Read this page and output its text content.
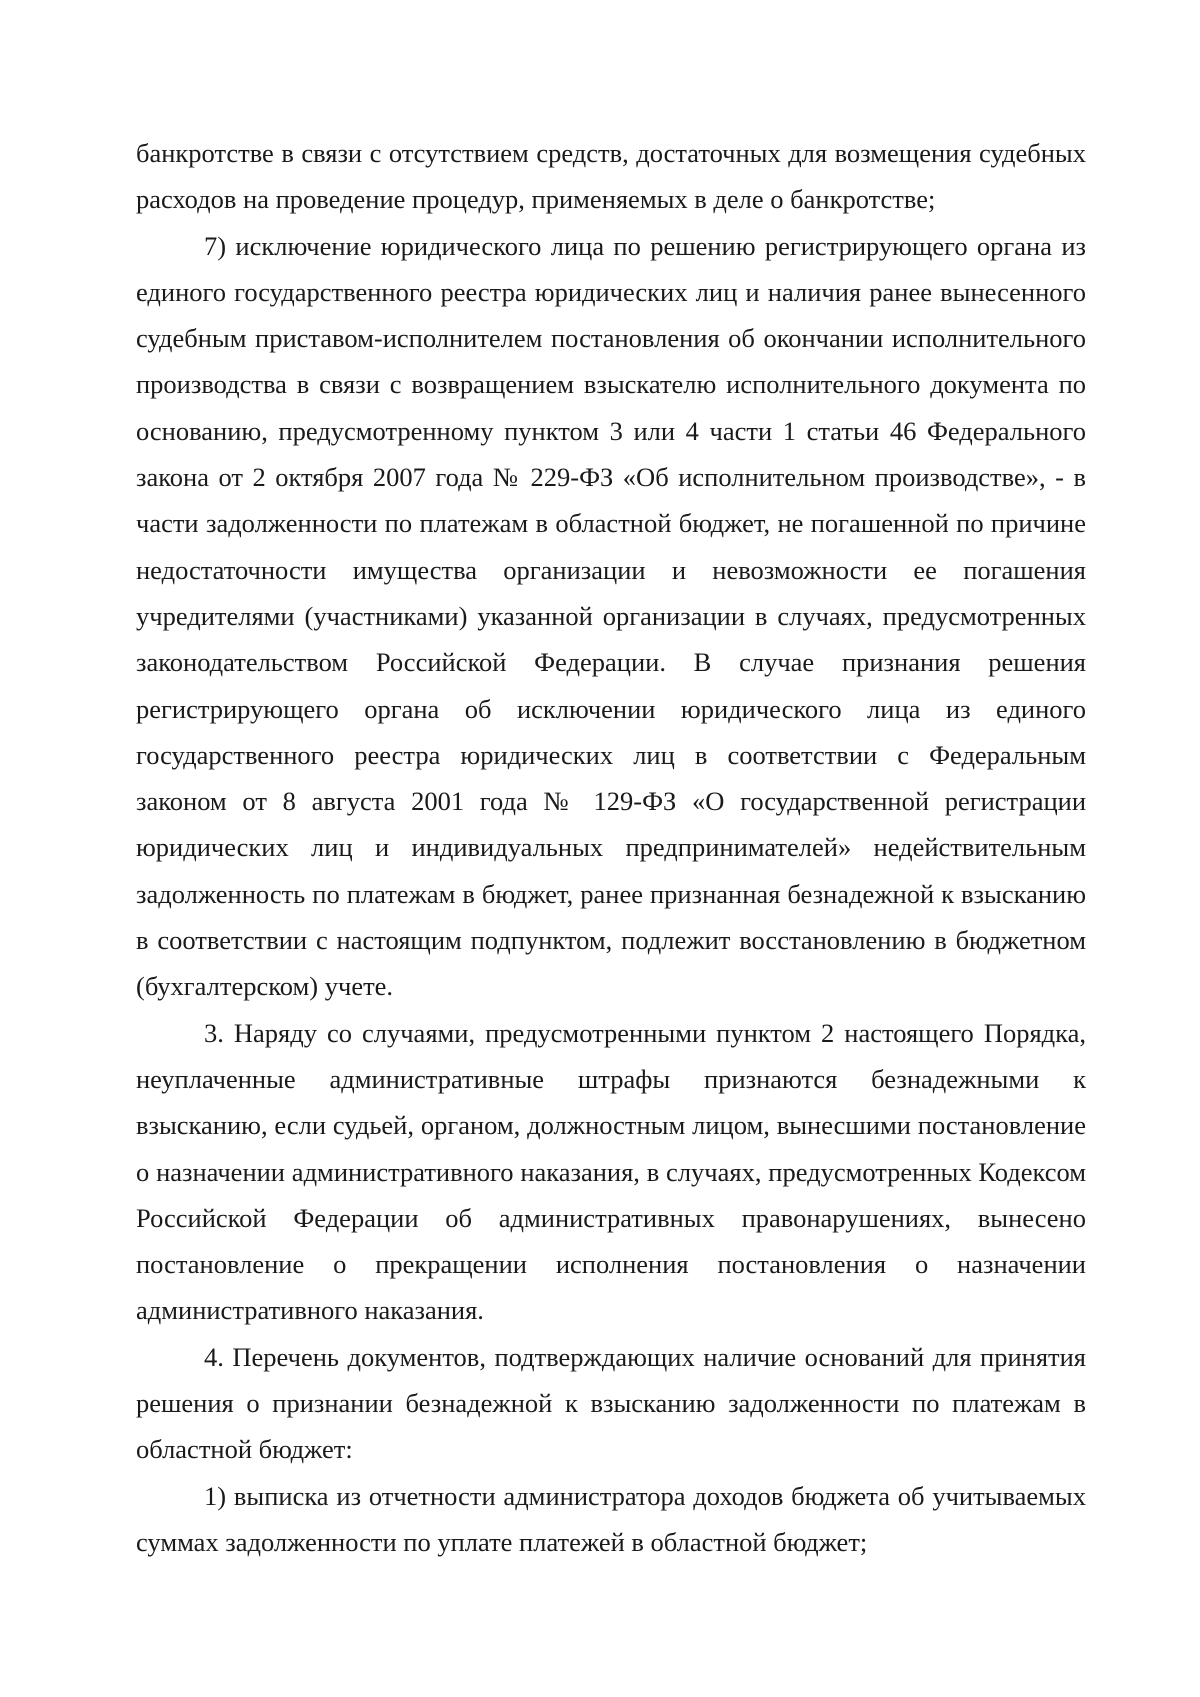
банкротстве в связи с отсутствием средств, достаточных для возмещения судебных расходов на проведение процедур, применяемых в деле о банкротстве;

7) исключение юридического лица по решению регистрирующего органа из единого государственного реестра юридических лиц и наличия ранее вынесенного судебным приставом-исполнителем постановления об окончании исполнительного производства в связи с возвращением взыскателю исполнительного документа по основанию, предусмотренному пунктом 3 или 4 части 1 статьи 46 Федерального закона от 2 октября 2007 года № 229-ФЗ «Об исполнительном производстве», - в части задолженности по платежам в областной бюджет, не погашенной по причине недостаточности имущества организации и невозможности ее погашения учредителями (участниками) указанной организации в случаях, предусмотренных законодательством Российской Федерации. В случае признания решения регистрирующего органа об исключении юридического лица из единого государственного реестра юридических лиц в соответствии с Федеральным законом от 8 августа 2001 года № 129-ФЗ «О государственной регистрации юридических лиц и индивидуальных предпринимателей» недействительным задолженность по платежам в бюджет, ранее признанная безнадежной к взысканию в соответствии с настоящим подпунктом, подлежит восстановлению в бюджетном (бухгалтерском) учете.

3. Наряду со случаями, предусмотренными пунктом 2 настоящего Порядка, неуплаченные административные штрафы признаются безнадежными к взысканию, если судьей, органом, должностным лицом, вынесшими постановление о назначении административного наказания, в случаях, предусмотренных Кодексом Российской Федерации об административных правонарушениях, вынесено постановление о прекращении исполнения постановления о назначении административного наказания.

4. Перечень документов, подтверждающих наличие оснований для принятия решения о признании безнадежной к взысканию задолженности по платежам в областной бюджет:

1) выписка из отчетности администратора доходов бюджета об учитываемых суммах задолженности по уплате платежей в областной бюджет;
